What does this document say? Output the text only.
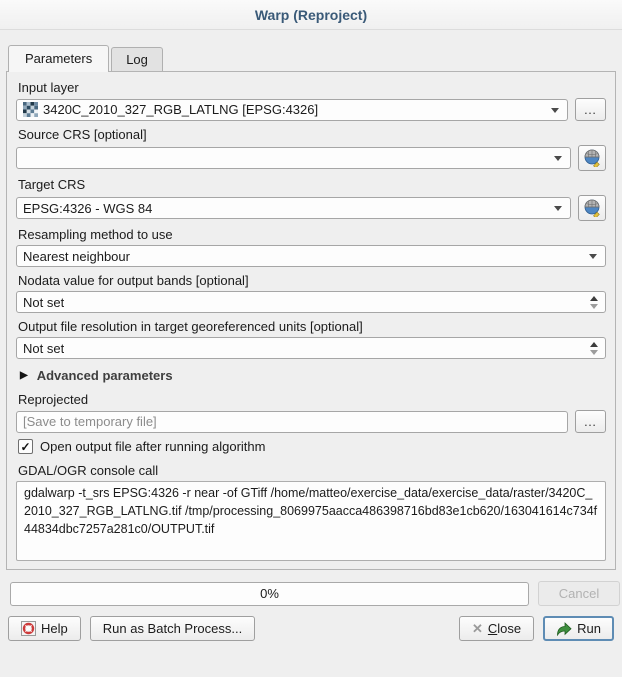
Warp (Reproject)
Parameters	Log
Input layer
3420C_2010_327_RGB_LATLNG [EPSG:4326]	…
Source CRS [optional]
Target CRS
EPSG:4326 - WGS 84
Resampling method to use
Nearest neighbour
Nodata value for output bands [optional]
Not set
Output file resolution in target georeferenced units [optional]
Not set
▶ Advanced parameters
Reprojected
[Save to temporary file]	…
✓ Open output file after running algorithm
GDAL/OGR console call
gdalwarp -t_srs EPSG:4326 -r near -of GTiff /home/matteo/exercise_data/exercise_data/raster/3420C_2010_327_RGB_LATLNG.tif /tmp/processing_8069975aacca486398716bd83e1cb620/163041614c734f44834dbc7257a281c0/OUTPUT.tif
0%	Cancel
Help	Run as Batch Process...	✕ Close	Run
